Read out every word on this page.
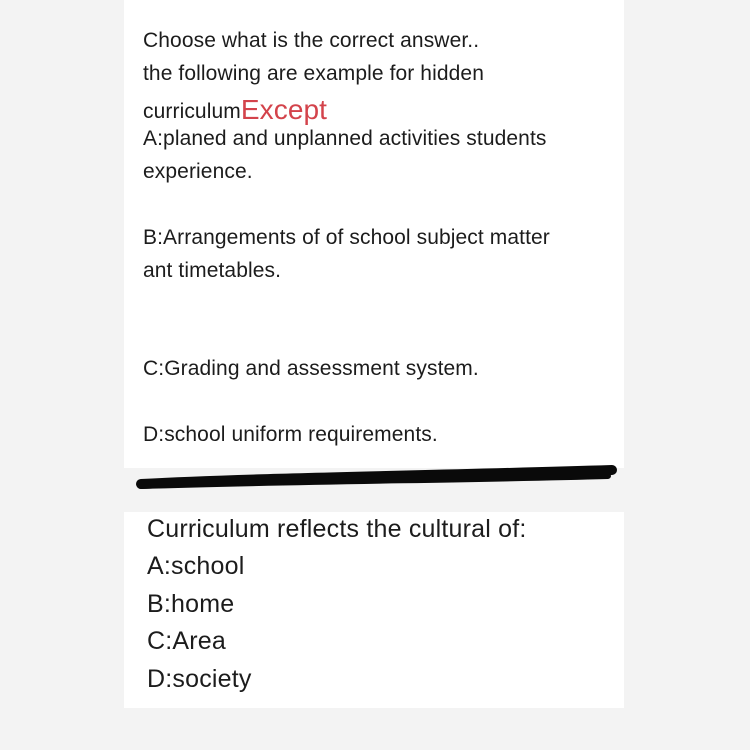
Choose what is the correct answer..
the following are example for hidden
curriculumExcept
A:planed and unplanned activities students
experience.
B:Arrangements of of school subject matter
ant timetables.
C:Grading and assessment system.
D:school uniform requirements.
Curriculum reflects the cultural of:
A:school
B:home
C:Area
D:society
